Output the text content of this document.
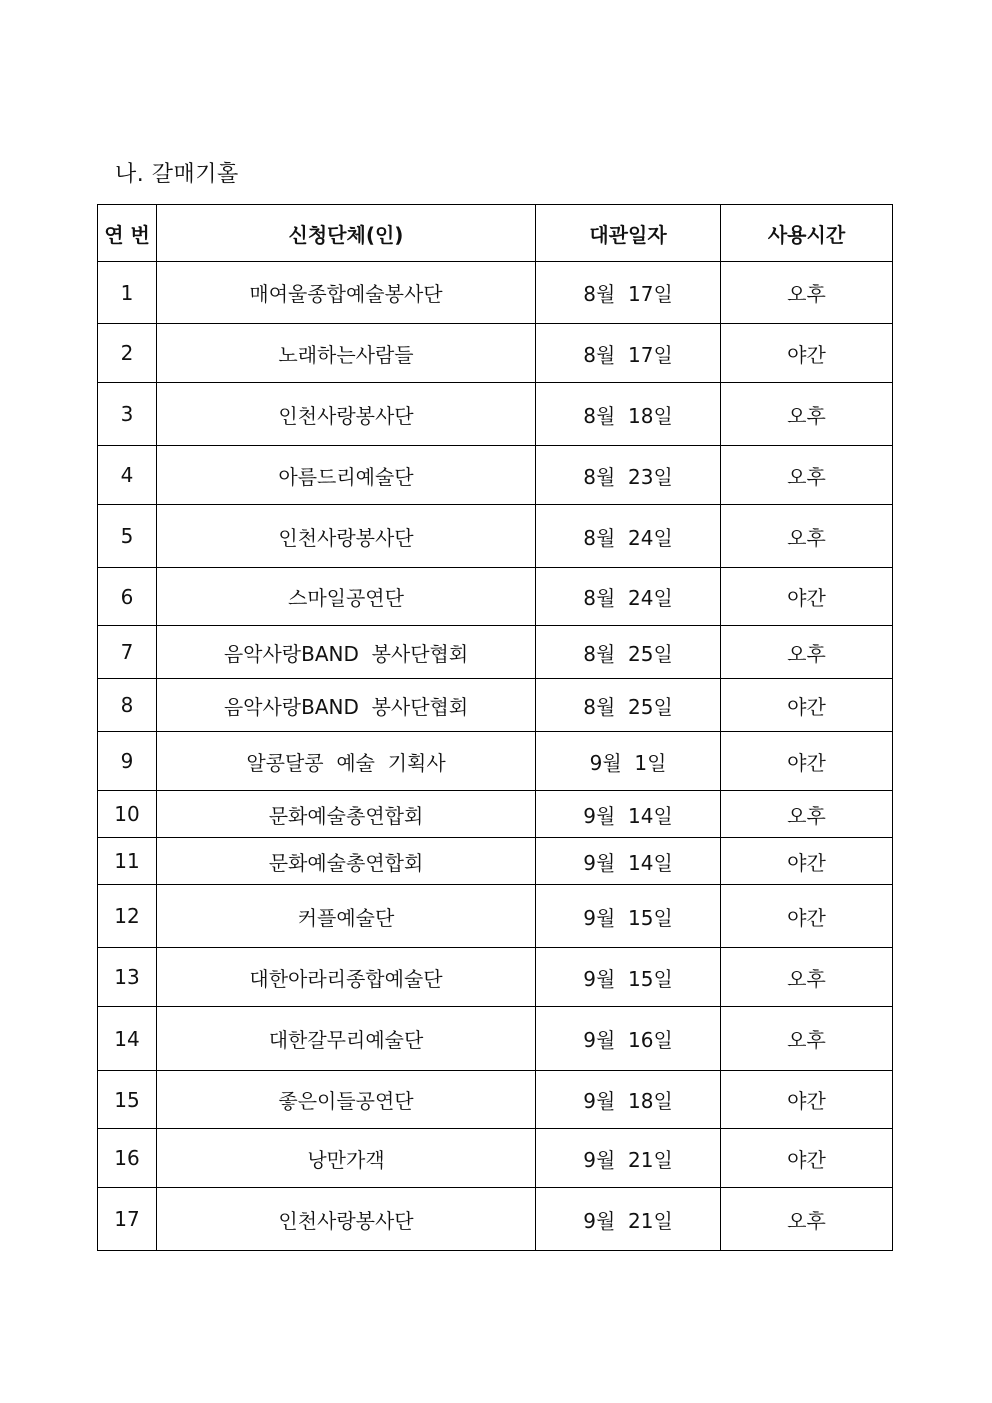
나. 갈매기홀
연 번	신청단체(인)	대관일자	사용시간
1	매여울종합예술봉사단	8월  17일	오후
2	노래하는사람들	8월  17일	야간
3	인천사랑봉사단	8월  18일	오후
4	아름드리예술단	8월  23일	오후
5	인천사랑봉사단	8월  24일	오후
6	스마일공연단	8월  24일	야간
7	음악사랑BAND  봉사단협회	8월  25일	오후
8	음악사랑BAND  봉사단협회	8월  25일	야간
9	알콩달콩  예술  기획사	9월  1일	야간
10	문화예술총연합회	9월  14일	오후
11	문화예술총연합회	9월  14일	야간
12	커플예술단	9월  15일	야간
13	대한아라리종합예술단	9월  15일	오후
14	대한갈무리예술단	9월  16일	오후
15	좋은이들공연단	9월  18일	야간
16	낭만가객	9월  21일	야간
17	인천사랑봉사단	9월  21일	오후
